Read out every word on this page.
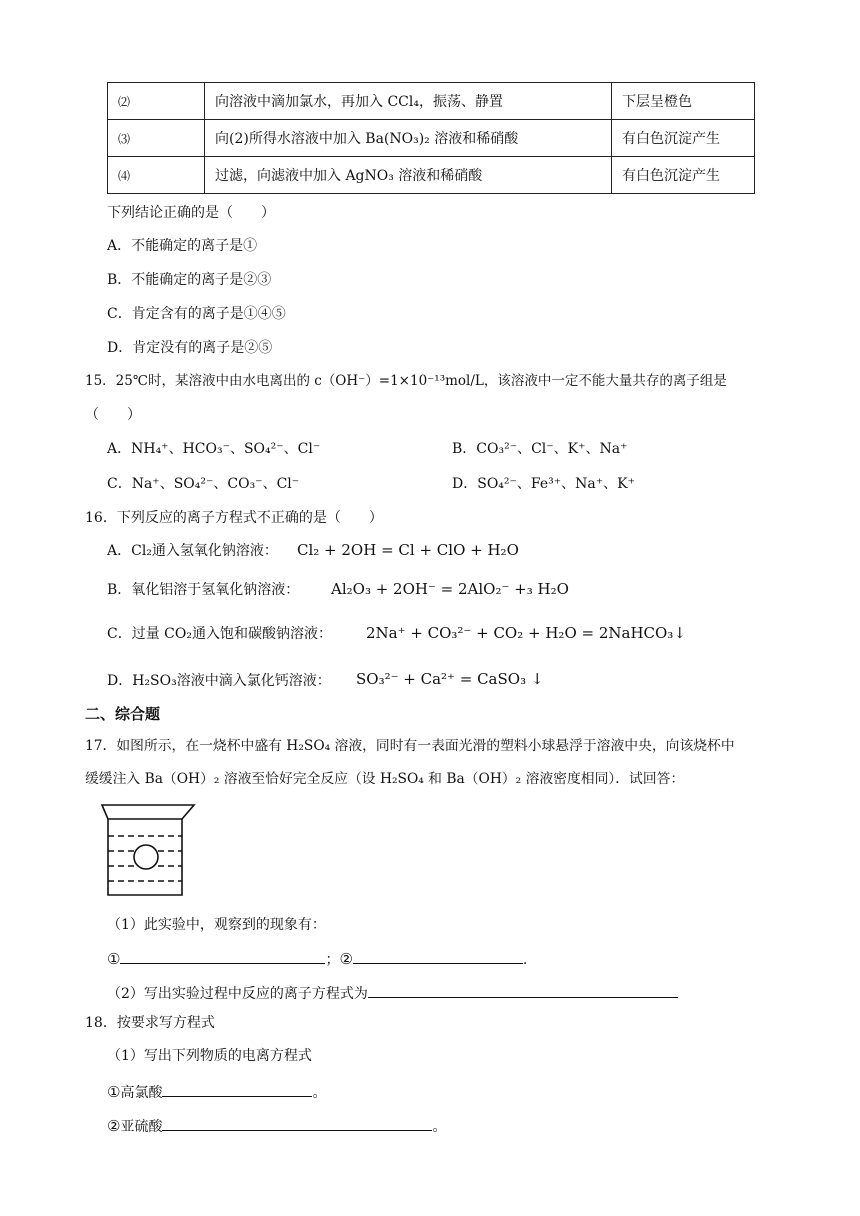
⑵	向溶液中滴加氯水，再加入 CCl₄，振荡、静置	下层呈橙色
⑶	向(2)所得水溶液中加入 Ba(NO₃)₂ 溶液和稀硝酸	有白色沉淀产生
⑷	过滤，向滤液中加入 AgNO₃ 溶液和稀硝酸	有白色沉淀产生
下列结论正确的是（　　）
A．不能确定的离子是①
B．不能确定的离子是②③
C．肯定含有的离子是①④⑤
D．肯定没有的离子是②⑤
15．25℃时，某溶液中由水电离出的 c（OH⁻）=1×10⁻¹³mol/L，该溶液中一定不能大量共存的离子组是
（　　）
A．NH₄⁺、HCO₃⁻、SO₄²⁻、Cl⁻	B．CO₃²⁻、Cl⁻、K⁺、Na⁺
C．Na⁺、SO₄²⁻、CO₃⁻、Cl⁻	D．SO₄²⁻、Fe³⁺、Na⁺、K⁺
16．下列反应的离子方程式不正确的是（　　）
A．Cl₂通入氢氧化钠溶液： Cl₂ + 2OH = Cl + ClO + H₂O
B．氧化铝溶于氢氧化钠溶液： Al₂O₃ + 2OH⁻ = 2AlO₂⁻ +₃ H₂O
C．过量 CO₂通入饱和碳酸钠溶液： 2Na⁺ + CO₃²⁻ + CO₂ + H₂O = 2NaHCO₃↓
D．H₂SO₃溶液中滴入氯化钙溶液： SO₃²⁻ + Ca²⁺ = CaSO₃ ↓
二、综合题
17．如图所示，在一烧杯中盛有 H₂SO₄ 溶液，同时有一表面光滑的塑料小球悬浮于溶液中央，向该烧杯中
缓缓注入 Ba（OH）₂ 溶液至恰好完全反应（设 H₂SO₄ 和 Ba（OH）₂ 溶液密度相同）．试回答：
（1）此实验中，观察到的现象有：
①	；②	.
（2）写出实验过程中反应的离子方程式为
18．按要求写方程式
（1）写出下列物质的电离方程式
①高氯酸	。
②亚硫酸	。
